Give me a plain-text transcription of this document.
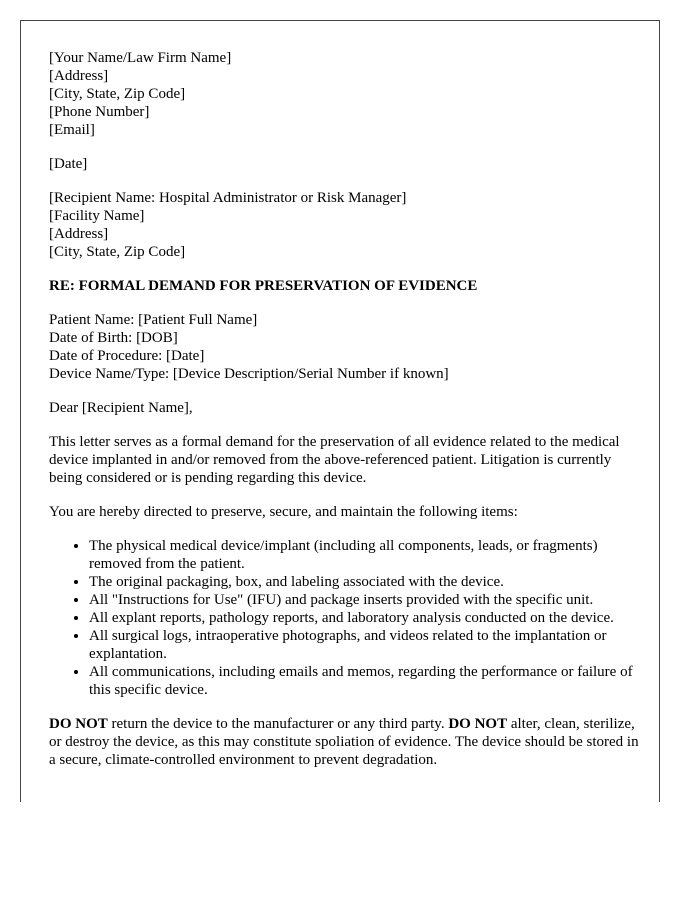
[Your Name/Law Firm Name]
[Address]
[City, State, Zip Code]
[Phone Number]
[Email]
[Date]
[Recipient Name: Hospital Administrator or Risk Manager]
[Facility Name]
[Address]
[City, State, Zip Code]
RE: FORMAL DEMAND FOR PRESERVATION OF EVIDENCE
Patient Name: [Patient Full Name]
Date of Birth: [DOB]
Date of Procedure: [Date]
Device Name/Type: [Device Description/Serial Number if known]

Dear [Recipient Name],

This letter serves as a formal demand for the preservation of all evidence related to the medical device implanted in and/or removed from the above-referenced patient. Litigation is currently being considered or is pending regarding this device.

You are hereby directed to preserve, secure, and maintain the following items:

• The physical medical device/implant (including all components, leads, or fragments) removed from the patient.
• The original packaging, box, and labeling associated with the device.
• All "Instructions for Use" (IFU) and package inserts provided with the specific unit.
• All explant reports, pathology reports, and laboratory analysis conducted on the device.
• All surgical logs, intraoperative photographs, and videos related to the implantation or explantation.
• All communications, including emails and memos, regarding the performance or failure of this specific device.

DO NOT return the device to the manufacturer or any third party. DO NOT alter, clean, sterilize, or destroy the device, as this may constitute spoliation of evidence. The device should be stored in a secure, climate-controlled environment to prevent degradation.
